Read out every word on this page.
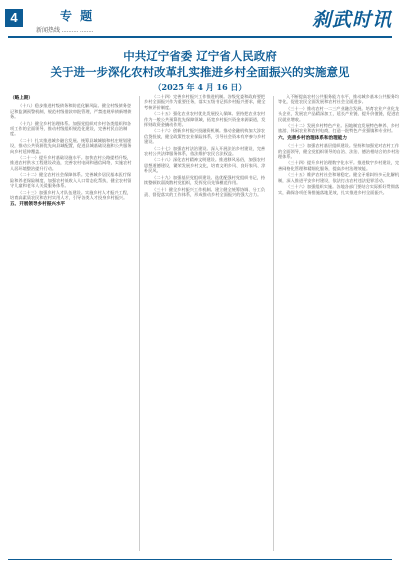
4	专 题
新闻热线 .......... ........	刹武时讯
中共辽宁省委 辽宁省人民政府
关于进一步深化农村改革扎实推进乡村全面振兴的实施意见
（2025 年 4 月 16 日）

（略上期）

（十八）稳步推进村级债务和防范化解风险。健全村级债务登记和监测预警机制，规范村级借款审批管理，严禁违规举债新增债务。

（十九）健全乡村治理体系。加强党组织对乡村各类组织和各项工作的全面领导，推动村级组织规范化建设，完善村民自治制度。

（二十）扎实推进城乡融合发展。统筹县域城镇和村庄规划建设，推动公共资源优先向县域配置，促进县城基础设施和公共服务向乡村延伸覆盖。

（二十一）提升乡村基础设施水平。加快农村公路提档升级，推进农村供水工程建设改造，完善农村电网和通信网络，实施农村人居环境整治提升行动。

（二十二）健全农村社会保障体系。完善城乡居民基本医疗保险和养老保险制度，加强农村低收入人口常态化帮扶，健全农村留守儿童和老年人关爱服务体系。

（二十三）加强乡村人才队伍建设。实施乡村人才振兴工程，培育高素质农民和农村实用人才，引导各类人才投身乡村振兴。

五、开展领导乡村振兴水平

（二十四）完善乡村振兴工作推进机制。各级党委和政府要把乡村全面振兴作为重要任务，落实五级书记抓乡村振兴要求，健全考核评价制度。

（二十五）强化农业农村优先发展投入保障。坚持把农业农村作为一般公共预算优先保障领域，拓宽乡村振兴资金来源渠道，发挥财政资金撬动作用。

（二十六）创新乡村振兴投融资机制。推动金融机构加大涉农信贷投放，健全政策性农业保险体系，引导社会资本有序参与乡村建设。

（二十七）加强农村法治建设。深入开展法治乡村建设，完善农村公共法律服务体系，依法维护农民合法权益。

（二十八）深化农村精神文明建设。推进移风易俗，加强农村思想道德建设，繁荣发展乡村文化，培育文明乡风、良好家风、淳朴民风。

（二十九）加强基层党组织建设。选优配强村党组织书记，持续整顿软弱涣散村党组织，发挥党员先锋模范作用。

（三十）健全乡村振兴工作机制。建立健全统筹协调、分工负责、督促落实的工作体系，形成推动乡村全面振兴的强大合力。

入不断提高农村公共服务能力水平，推动城乡基本公共服务均等化，促进农民全面发展和农村社会全面进步。

（三十一）推动农村一二三产业融合发展。培育农业产业化龙头企业，发展农产品精深加工，延长产业链、提升价值链，促进农民就业增收。

（三十二）发展乡村特色产业。因地制宜发展特色种养、乡村旅游、休闲农业和农村电商，打造一批特色产业强镇和专业村。

六、完善乡村治理体系和治理能力

（三十三）加强农村基层组织建设。坚持和加强党对农村工作的全面领导，健全党组织领导的自治、法治、德治相结合的乡村治理体系。

（三十四）提升乡村治理数字化水平。推进数字乡村建设，完善网格化管理和精细化服务，提高乡村治理效能。

（三十五）维护农村社会和谐稳定。健全矛盾纠纷多元化解机制，深入推进平安乡村建设，依法打击农村违法犯罪活动。

（三十六）加强组织实施。各地各部门要结合实际抓好贯彻落实，确保各项任务措施落地见效，扎实推进乡村全面振兴。
